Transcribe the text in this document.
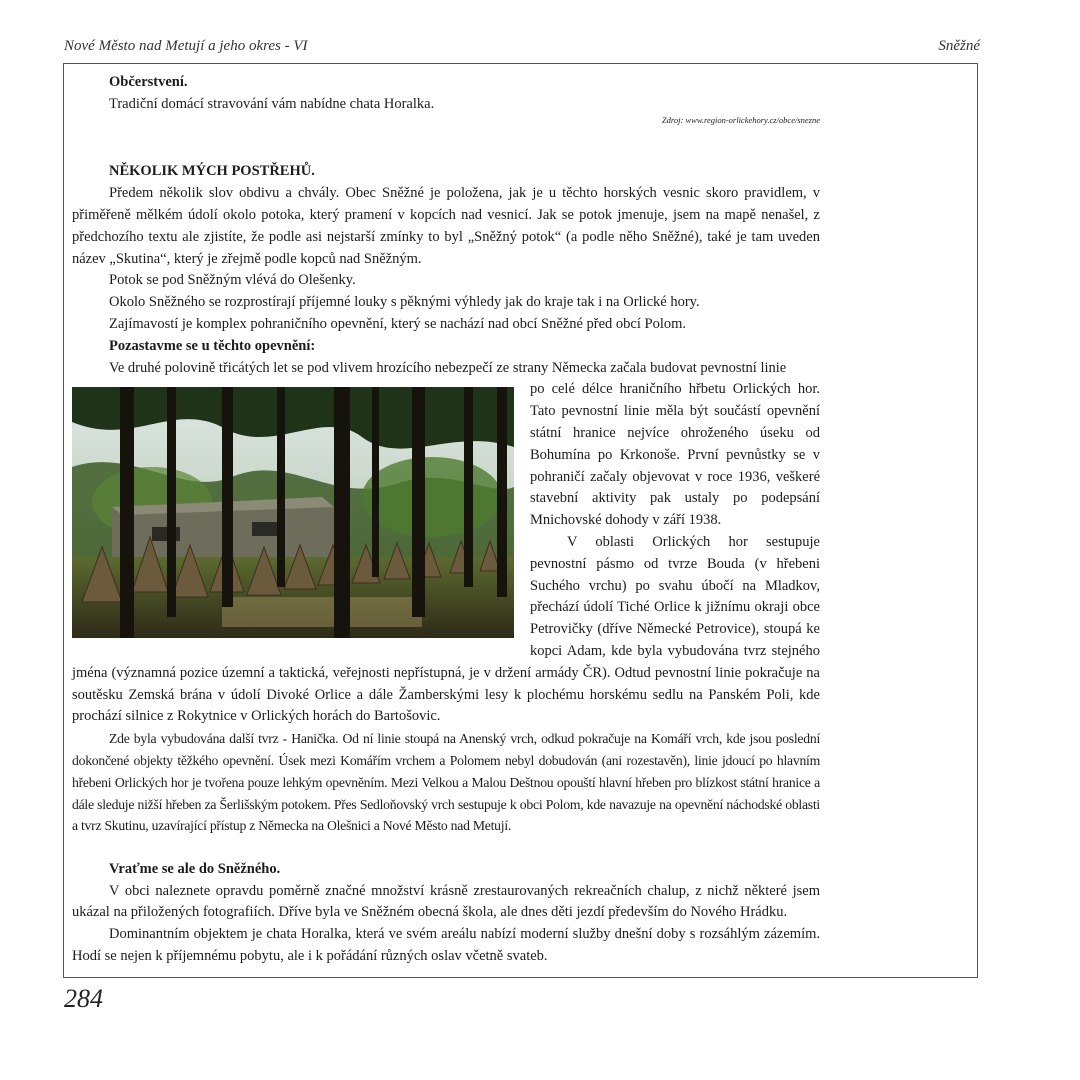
Nové Město nad Metují a jeho okres - VI	Sněžné

Občerstvení.

Tradiční domácí stravování vám nabídne chata Horalka.

Zdroj: www.region-orlickehory.cz/obce/snezne

NĚKOLIK MÝCH POSTŘEHŮ.

Předem několik slov obdivu a chvály. Obec Sněžné je položena, jak je u těchto horských vesnic skoro pravidlem, v přiměřeně mělkém údolí okolo potoka, který pramení v kopcích nad vesnicí. Jak se potok jmenuje, jsem na mapě nenašel, z předchozího textu ale zjistíte, že podle asi nejstarší zmínky to byl „Sněžný potok“ (a podle něho Sněžné), také je tam uveden název „Skutina“, který je zřejmě podle kopců nad Sněžným.

Potok se pod Sněžným vlévá do Olešenky.

Okolo Sněžného se rozprostírají příjemné louky s pěknými výhledy jak do kraje tak i na Orlické hory.

Zajímavostí je komplex pohraničního opevnění, který se nachází nad obcí Sněžné před obcí Polom.

Pozastavme se u těchto opevnění:

Ve druhé polovině třicátých let se pod vlivem hrozícího nebezpečí ze strany Německa začala budovat pevnostní linie

po celé délce hraničního hřbetu Orlických hor. Tato pevnostní linie měla být součástí opevnění státní hranice nejvíce ohroženého úseku od Bohumína po Krkonoše. První pevnůstky se v pohraničí začaly objevovat v roce 1936, veškeré stavební aktivity pak ustaly po podepsání Mnichovské dohody v září 1938.

V oblasti Orlických hor sestupuje pevnostní pásmo od tvrze Bouda (v hřebeni Suchého vrchu) po svahu úbočí na Mladkov, přechází údolí Tiché Orlice k jižnímu okraji obce Petrovičky (dříve Německé Petrovice), stoupá ke kopci Adam, kde byla vybudována tvrz stejného jména (významná pozice územní a taktická, veřejnosti nepřístupná, je v držení armády ČR). Odtud pevnostní linie pokračuje na soutěsku Zemská brána v údolí Divoké Orlice a dále Žamberskými lesy k plochému horskému sedlu na Panském Poli, kde prochází silnice z Rokytnice v Orlických horách do Bartošovic.

Zde byla vybudována další tvrz - Hanička. Od ní linie stoupá na Anenský vrch, odkud pokračuje na Komáří vrch, kde jsou poslední dokončené objekty těžkého opevnění. Úsek mezi Komářím vrchem a Polomem nebyl dobudován (ani rozestavěn), linie jdoucí po hlavním hřebeni Orlických hor je tvořena pouze lehkým opevněním. Mezi Velkou a Malou Deštnou opouští hlavní hřeben pro blízkost státní hranice a dále sleduje nižší hřeben za Šerlišským potokem. Přes Sedloňovský vrch sestupuje k obci Polom, kde navazuje na opevnění náchodské oblasti a tvrz Skutinu, uzavírající přístup z Německa na Olešnici a Nové Město nad Metují.

Vraťme se ale do Sněžného.

V obci naleznete opravdu poměrně značné množství krásně zrestaurovaných rekreačních chalup, z nichž některé jsem ukázal na přiložených fotografiích. Dříve byla ve Sněžném obecná škola, ale dnes děti jezdí především do Nového Hrádku.

Dominantním objektem je chata Horalka, která ve svém areálu nabízí moderní služby dnešní doby s rozsáhlým zázemím. Hodí se nejen k příjemnému pobytu, ale i k pořádání různých oslav včetně svateb.

284
